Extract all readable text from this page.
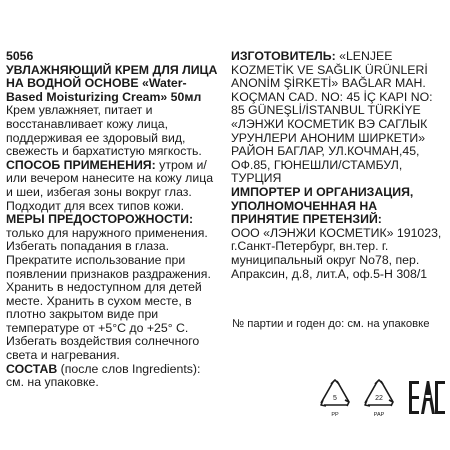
5056

УВЛАЖНЯЮЩИЙ КРЕМ ДЛЯ ЛИЦА НА ВОДНОЙ ОСНОВЕ «Water-Based Moisturizing Cream» 50мл

Крем увлажняет, питает и восстанавливает кожу лица, поддерживая ее здоровый вид, свежесть и бархатистую мягкость.

СПОСОБ ПРИМЕНЕНИЯ: утром и/или вечером нанесите на кожу лица и шеи, избегая зоны вокруг глаз. Подходит для всех типов кожи.

МЕРЫ ПРЕДОСТОРОЖНОСТИ: только для наружного применения. Избегать попадания в глаза. Прекратите использование при появлении признаков раздражения. Хранить в недоступном для детей месте. Хранить в сухом месте, в плотно закрытом виде при температуре от +5°С до +25° С. Избегать воздействия солнечного света и нагревания.

СОСТАВ (после слов Ingredients): см. на упаковке.

ИЗГОТОВИТЕЛЬ: «LENJEE KOZMETİK VE SAĞLIK ÜRÜNLERİ ANONİM ŞİRKETİ» BAĞLAR MAH. KOÇMAN CAD. NO: 45 İÇ KAPI NO: 85 GÜNEŞLİ/İSTANBUL TÜRKİYE «ЛЭНЖИ КОСМЕТИК ВЭ САГЛЫК УРУНЛЕРИ АНОНИМ ШИРКЕТИ» РАЙОН БАГЛАР, УЛ.КОЧМАН,45, ОФ.85, ГЮНЕШЛИ/СТАМБУЛ, ТУРЦИЯ

ИМПОРТЕР И ОРГАНИЗАЦИЯ, УПОЛНОМОЧЕННАЯ НА ПРИНЯТИЕ ПРЕТЕНЗИЙ:

ООО «ЛЭНЖИ КОСМЕТИК» 191023, г.Санкт-Петербург, вн.тер. г. муниципальный округ No78, пер. Апраксин, д.8, лит.А, оф.5-Н 308/1

№ партии и годен до: см. на упаковке
5
PP
22
PAP
